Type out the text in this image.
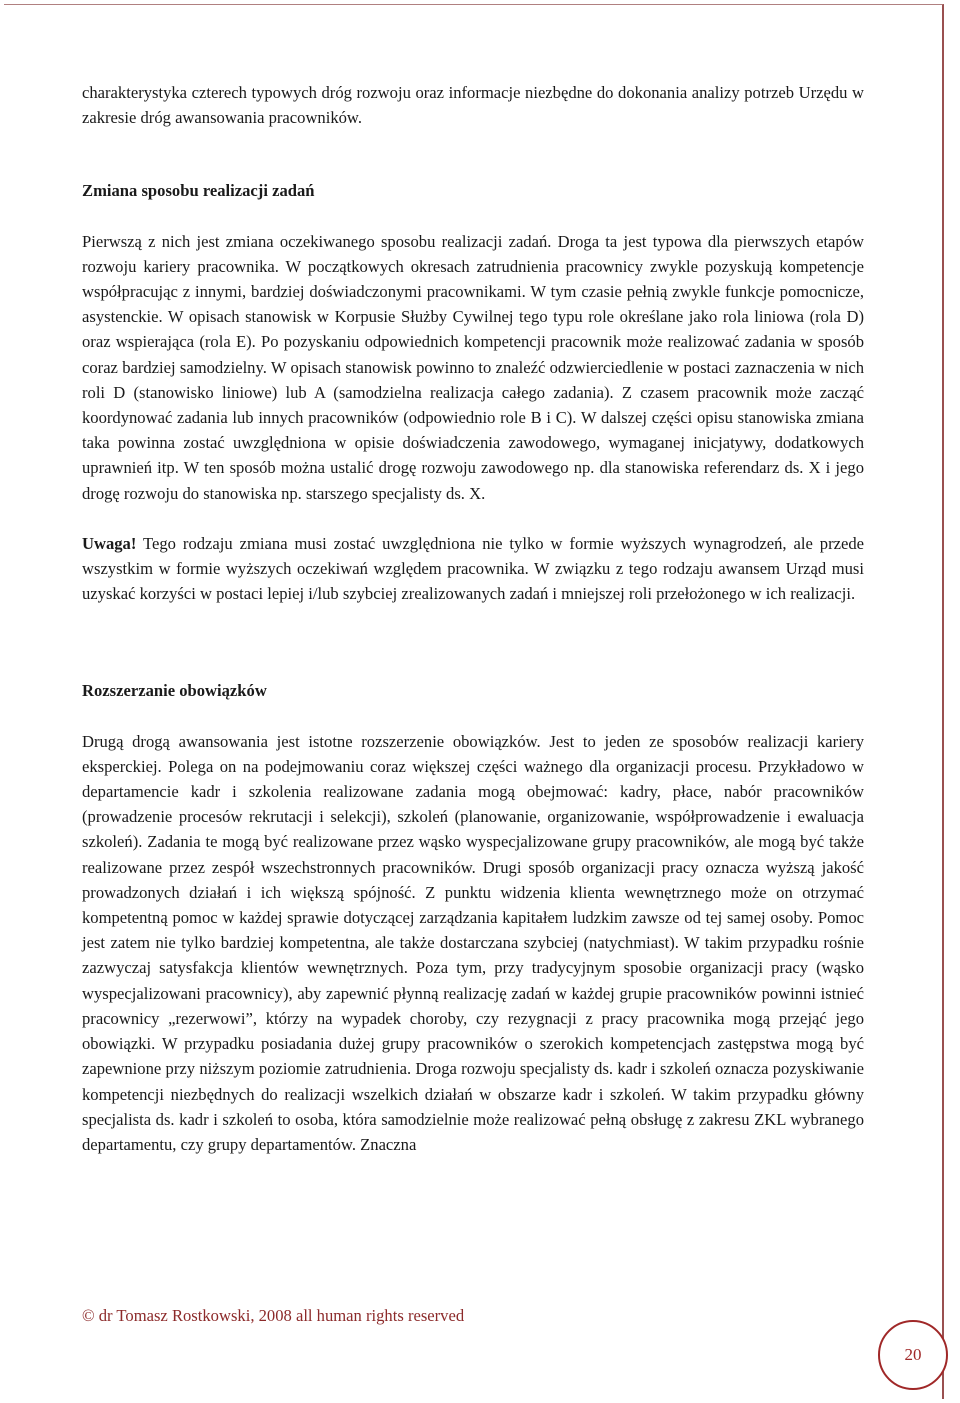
charakterystyka czterech typowych dróg rozwoju oraz informacje niezbędne do dokonania analizy potrzeb Urzędu w zakresie dróg awansowania pracowników.

Zmiana sposobu realizacji zadań

Pierwszą z nich jest zmiana oczekiwanego sposobu realizacji zadań. Droga ta jest typowa dla pierwszych etapów rozwoju kariery pracownika. W początkowych okresach zatrudnienia pracownicy zwykle pozyskują kompetencje współpracując z innymi, bardziej doświadczonymi pracownikami. W tym czasie pełnią zwykle funkcje pomocnicze, asystenckie. W opisach stanowisk w Korpusie Służby Cywilnej tego typu role określane jako rola liniowa (rola D) oraz wspierająca (rola E). Po pozyskaniu odpowiednich kompetencji pracownik może realizować zadania w sposób coraz bardziej samodzielny. W opisach stanowisk powinno to znaleźć odzwierciedlenie w postaci zaznaczenia w nich roli D (stanowisko liniowe) lub A (samodzielna realizacja całego zadania). Z czasem pracownik może zacząć koordynować zadania lub innych pracowników (odpowiednio role B i C). W dalszej części opisu stanowiska zmiana taka powinna zostać uwzględniona w opisie doświadczenia zawodowego, wymaganej inicjatywy, dodatkowych uprawnień itp. W ten sposób można ustalić drogę rozwoju zawodowego np. dla stanowiska referendarz ds. X i jego drogę rozwoju do stanowiska np. starszego specjalisty ds. X.

Uwaga! Tego rodzaju zmiana musi zostać uwzględniona nie tylko w formie wyższych wynagrodzeń, ale przede wszystkim w formie wyższych oczekiwań względem pracownika. W związku z tego rodzaju awansem Urząd musi uzyskać korzyści w postaci lepiej i/lub szybciej zrealizowanych zadań i mniejszej roli przełożonego w ich realizacji.

Rozszerzanie obowiązków

Drugą drogą awansowania jest istotne rozszerzenie obowiązków. Jest to jeden ze sposobów realizacji kariery eksperckiej. Polega on na podejmowaniu coraz większej części ważnego dla organizacji procesu. Przykładowo w departamencie kadr i szkolenia realizowane zadania mogą obejmować: kadry, płace, nabór pracowników (prowadzenie procesów rekrutacji i selekcji), szkoleń (planowanie, organizowanie, współprowadzenie i ewaluacja szkoleń). Zadania te mogą być realizowane przez wąsko wyspecjalizowane grupy pracowników, ale mogą być także realizowane przez zespół wszechstronnych pracowników. Drugi sposób organizacji pracy oznacza wyższą jakość prowadzonych działań i ich większą spójność. Z punktu widzenia klienta wewnętrznego może on otrzymać kompetentną pomoc w każdej sprawie dotyczącej zarządzania kapitałem ludzkim zawsze od tej samej osoby. Pomoc jest zatem nie tylko bardziej kompetentna, ale także dostarczana szybciej (natychmiast). W takim przypadku rośnie zazwyczaj satysfakcja klientów wewnętrznych. Poza tym, przy tradycyjnym sposobie organizacji pracy (wąsko wyspecjalizowani pracownicy), aby zapewnić płynną realizację zadań w każdej grupie pracowników powinni istnieć pracownicy „rezerwowi”, którzy na wypadek choroby, czy rezygnacji z pracy pracownika mogą przejąć jego obowiązki. W przypadku posiadania dużej grupy pracowników o szerokich kompetencjach zastępstwa mogą być zapewnione przy niższym poziomie zatrudnienia. Droga rozwoju specjalisty ds. kadr i szkoleń oznacza pozyskiwanie kompetencji niezbędnych do realizacji wszelkich działań w obszarze kadr i szkoleń. W takim przypadku główny specjalista ds. kadr i szkoleń to osoba, która samodzielnie może realizować pełną obsługę z zakresu ZKL wybranego departamentu, czy grupy departamentów. Znaczna

© dr Tomasz Rostkowski, 2008 all human rights reserved
20
